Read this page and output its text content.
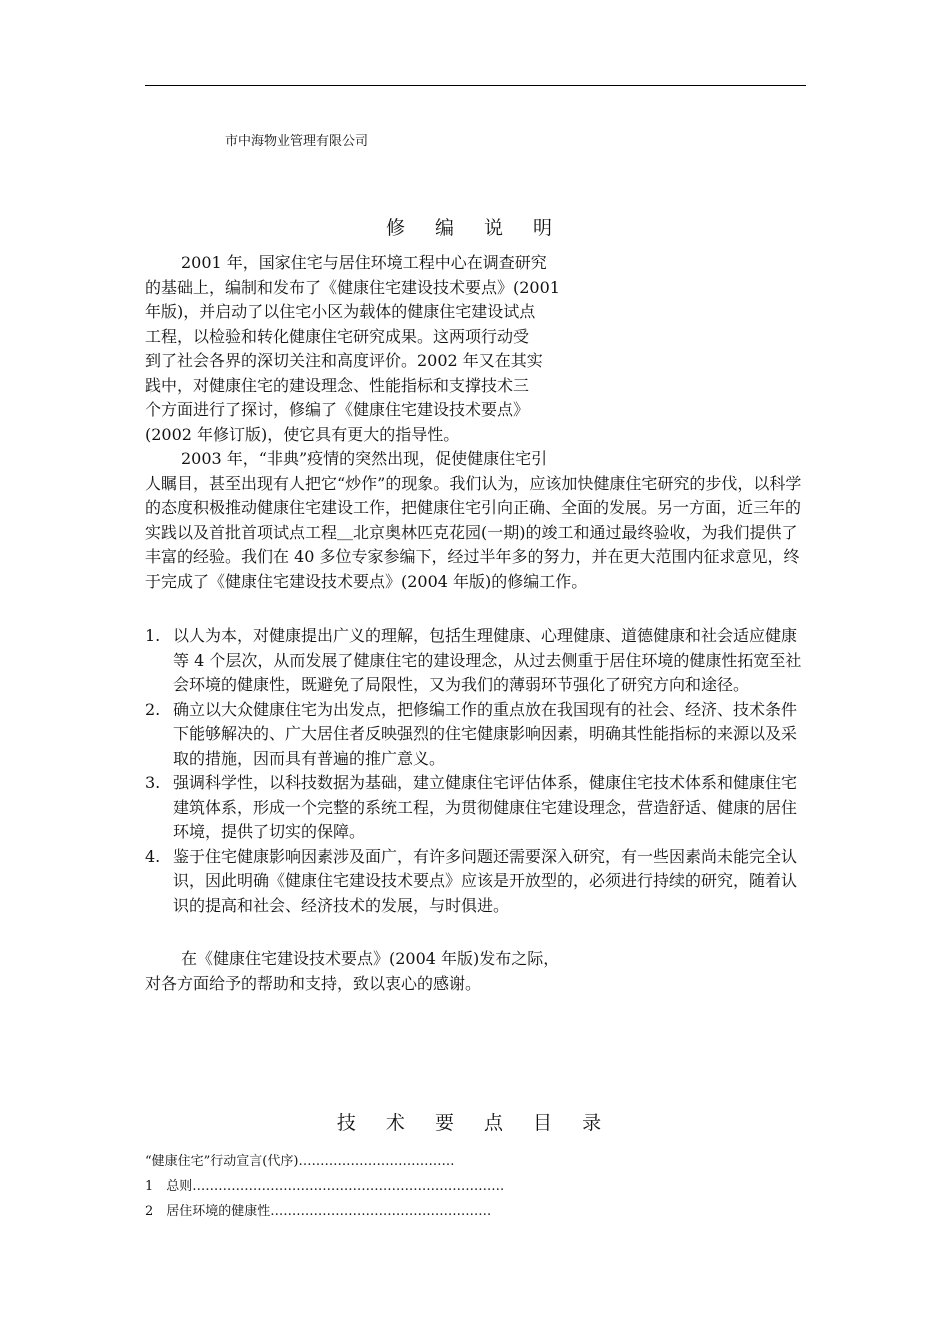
市中海物业管理有限公司
修 编 说 明
2001 年，国家住宅与居住环境工程中心在调查研究
的基础上，编制和发布了《健康住宅建设技术要点》(2001
年版)，并启动了以住宅小区为载体的健康住宅建设试点
工程，以检验和转化健康住宅研究成果。这两项行动受
到了社会各界的深切关注和高度评价。2002 年又在其实
践中，对健康住宅的建设理念、性能指标和支撑技术三
个方面进行了探讨，修编了《健康住宅建设技术要点》
(2002 年修订版)，使它具有更大的指导性。
2003 年，“非典”疫情的突然出现，促使健康住宅引
人瞩目，甚至出现有人把它“炒作”的现象。我们认为，应该加快健康住宅研究的步伐，以科学的态度积极推动健康住宅建设工作，把健康住宅引向正确、全面的发展。另一方面，近三年的实践以及首批首项试点工程＿北京奥林匹克花园(一期)的竣工和通过最终验收，为我们提供了丰富的经验。我们在 40 多位专家参编下，经过半年多的努力，并在更大范围内征求意见，终于完成了《健康住宅建设技术要点》(2004 年版)的修编工作。
1. 以人为本，对健康提出广义的理解，包括生理健康、心理健康、道德健康和社会适应健康等 4 个层次，从而发展了健康住宅的建设理念，从过去侧重于居住环境的健康性拓宽至社会环境的健康性，既避免了局限性，又为我们的薄弱环节强化了研究方向和途径。
2. 确立以大众健康住宅为出发点，把修编工作的重点放在我国现有的社会、经济、技术条件下能够解决的、广大居住者反映强烈的住宅健康影响因素，明确其性能指标的来源以及采取的措施，因而具有普遍的推广意义。
3. 强调科学性，以科技数据为基础，建立健康住宅评估体系，健康住宅技术体系和健康住宅建筑体系，形成一个完整的系统工程，为贯彻健康住宅建设理念，营造舒适、健康的居住环境，提供了切实的保障。
4. 鉴于住宅健康影响因素涉及面广，有许多问题还需要深入研究，有一些因素尚未能完全认识，因此明确《健康住宅建设技术要点》应该是开放型的，必须进行持续的研究，随着认识的提高和社会、经济技术的发展，与时俱进。
在《健康住宅建设技术要点》(2004 年版)发布之际，
对各方面给予的帮助和支持，致以衷心的感谢。
技 术 要 点 目 录
“健康住宅”行动宣言(代序)………………………………
1　总则………………………………………………………………
2　居住环境的健康性……………………………………………
